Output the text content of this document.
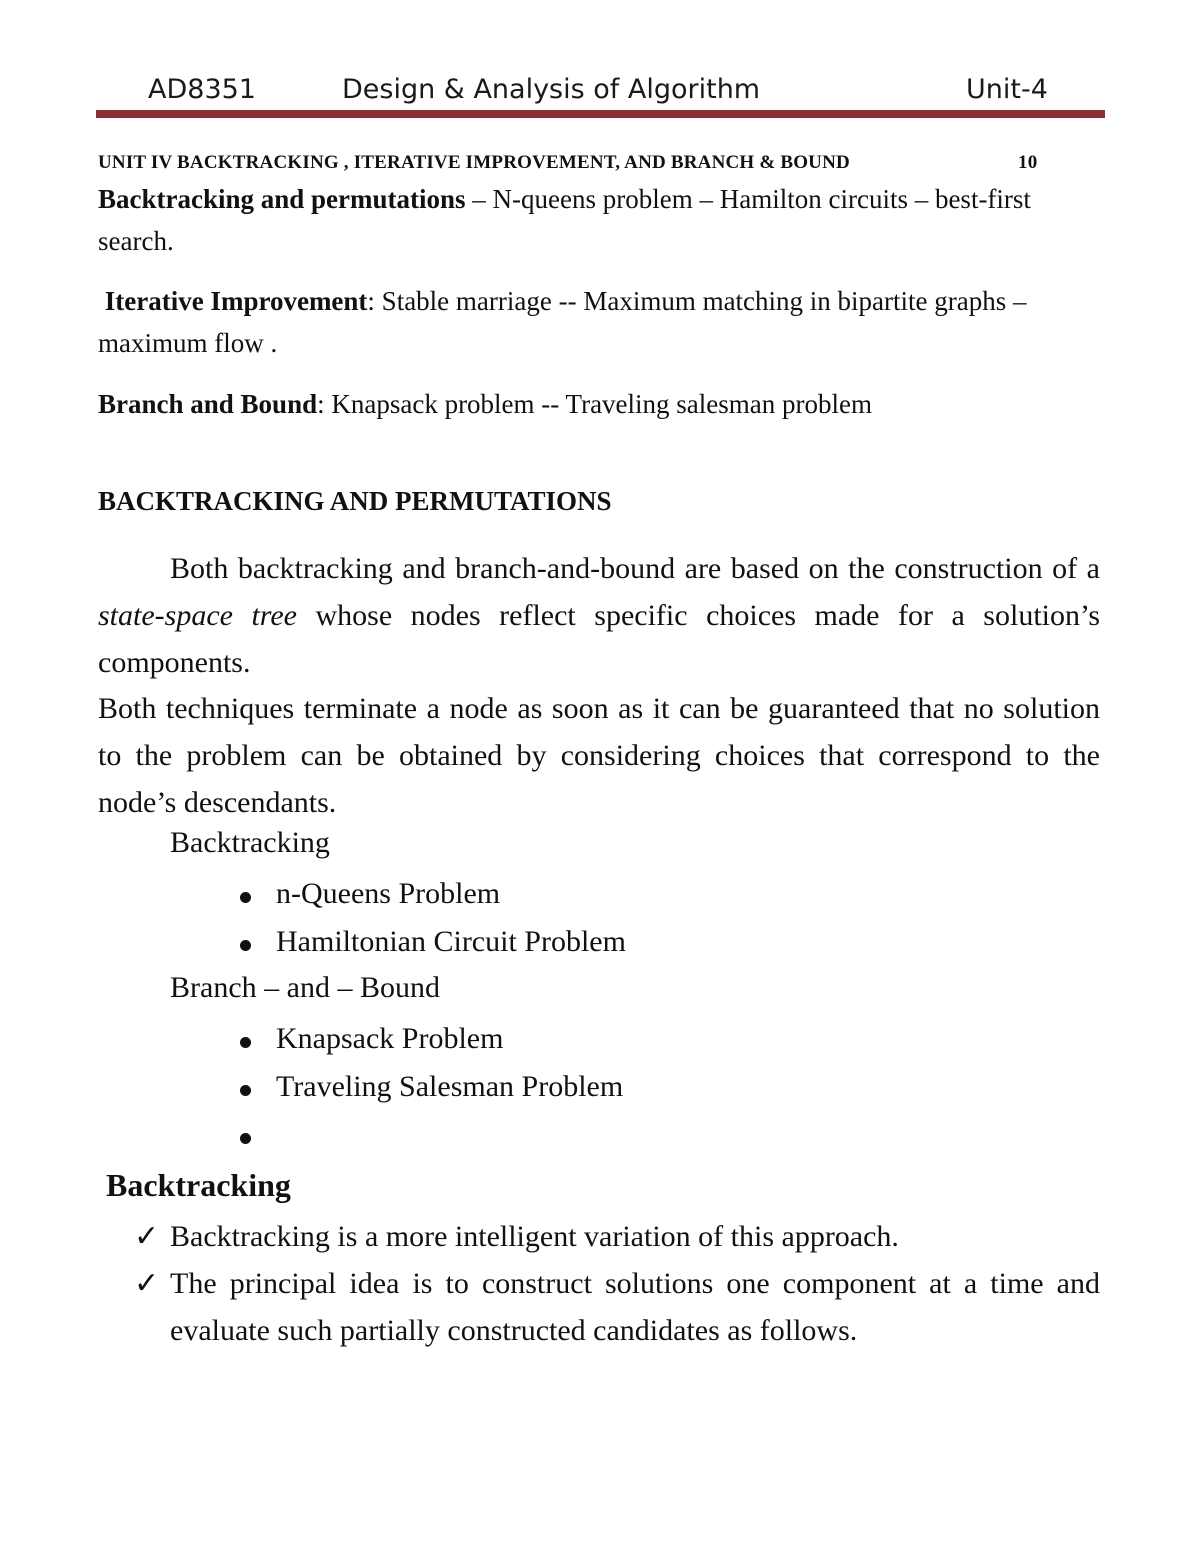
AD8351	Design & Analysis of Algorithm	Unit-4
UNIT IV BACKTRACKING , ITERATIVE IMPROVEMENT, AND BRANCH & BOUND	10
Backtracking and permutations – N-queens problem – Hamilton circuits – best-first search.
Iterative Improvement: Stable marriage -- Maximum matching in bipartite graphs – maximum flow .
Branch and Bound: Knapsack problem -- Traveling salesman problem
BACKTRACKING AND PERMUTATIONS
Both backtracking and branch-and-bound are based on the construction of a state-space tree whose nodes reflect specific choices made for a solution’s components.
Both techniques terminate a node as soon as it can be guaranteed that no solution to the problem can be obtained by considering choices that correspond to the node’s descendants.
Backtracking
n-Queens Problem
Hamiltonian Circuit Problem
Branch – and – Bound
Knapsack Problem
Traveling Salesman Problem
Backtracking
✓ Backtracking is a more intelligent variation of this approach.
✓ The principal idea is to construct solutions one component at a time and evaluate such partially constructed candidates as follows.
